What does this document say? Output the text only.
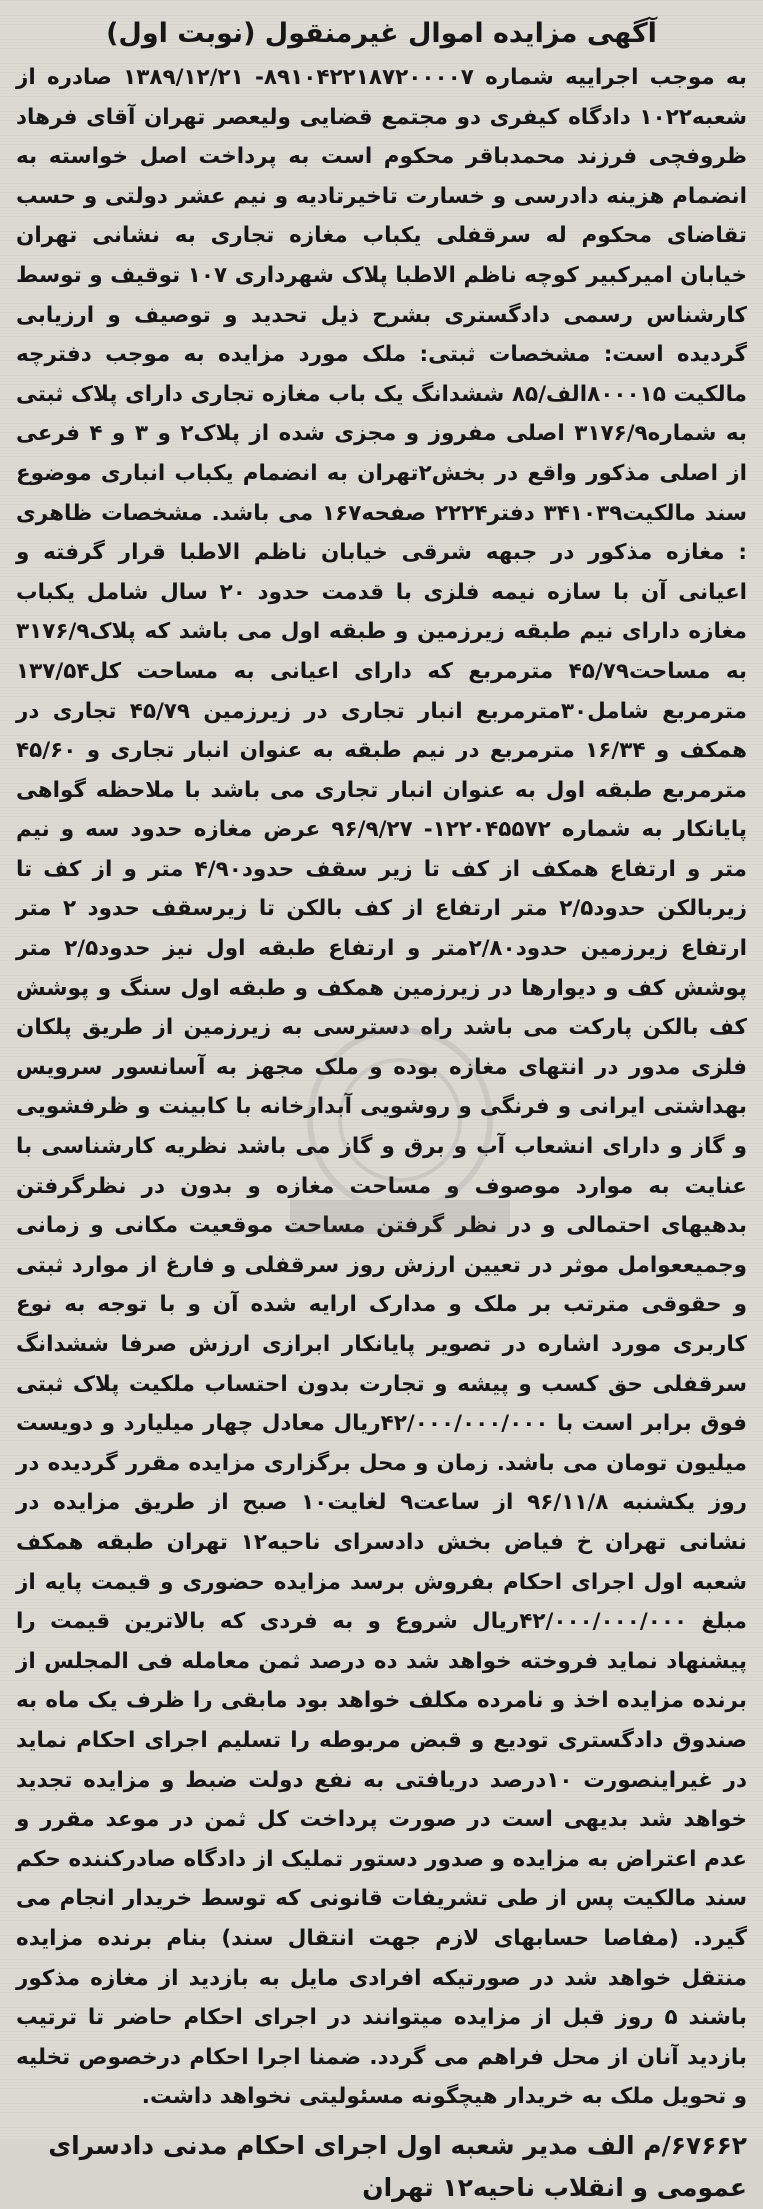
آگهی مزایده اموال غیرمنقول (نوبت اول)

به موجب اجراییه شماره ۸۹۱۰۴۲۲۱۸۷۲۰۰۰۰۷- ۱۳۸۹/۱۲/۲۱ صادره از شعبه۱۰۲۲ دادگاه کیفری دو مجتمع قضایی ولیعصر تهران آقای فرهاد ظروفچی فرزند محمدباقر محکوم است به پرداخت اصل خواسته به انضمام هزینه دادرسی و خسارت تاخیرتادیه و نیم عشر دولتی و حسب تقاضای محکوم له سرقفلی یکباب مغازه تجاری به نشانی تهران خیابان امیرکبیر کوچه ناظم الاطبا پلاک شهرداری ۱۰۷ توقیف و توسط کارشناس رسمی دادگستری بشرح ذیل تحدید و توصیف و ارزیابی گردیده است: مشخصات ثبتی: ملک مورد مزایده به موجب دفترچه مالکیت ۸۰۰۰۱۵الف/۸۵ ششدانگ یک باب مغازه تجاری دارای پلاک ثبتی به شماره۳۱۷۶/۹ اصلی مفروز و مجزی شده از پلاک۲ و ۳ و ۴ فرعی از اصلی مذکور واقع در بخش۲تهران به انضمام یکباب انباری موضوع سند مالکیت۳۴۱۰۳۹ دفتر۲۲۲۴ صفحه۱۶۷ می باشد. مشخصات ظاهری : مغازه مذکور در جبهه شرقی خیابان ناظم الاطبا قرار گرفته و اعیانی آن با سازه نیمه فلزی با قدمت حدود ۲۰ سال شامل یکباب مغازه دارای نیم طبقه زیرزمین و طبقه اول می باشد که پلاک۳۱۷۶/۹ به مساحت۴۵/۷۹ مترمربع که دارای اعیانی به مساحت کل۱۳۷/۵۴ مترمربع شامل۳۰مترمربع انبار تجاری در زیرزمین ۴۵/۷۹ تجاری در همکف و ۱۶/۳۴ مترمربع در نیم طبقه به عنوان انبار تجاری و ۴۵/۶۰ مترمربع طبقه اول به عنوان انبار تجاری می باشد با ملاحظه گواهی پایانکار به شماره ۱۲۲۰۴۵۵۷۲- ۹۶/۹/۲۷ عرض مغازه حدود سه و نیم متر و ارتفاع همکف از کف تا زیر سقف حدود۴/۹۰ متر و از کف تا زیربالکن حدود۲/۵ متر ارتفاع از کف بالکن تا زیرسقف حدود ۲ متر ارتفاع زیرزمین حدود۲/۸۰متر و ارتفاع طبقه اول نیز حدود۲/۵ متر پوشش کف و دیوارها در زیرزمین همکف و طبقه اول سنگ و پوشش کف بالکن پارکت می باشد راه دسترسی به زیرزمین از طریق پلکان فلزی مدور در انتهای مغازه بوده و ملک مجهز به آسانسور سرویس بهداشتی ایرانی و فرنگی و روشویی آبدارخانه با کابینت و ظرفشویی و گاز و دارای انشعاب آب و برق و گاز می باشد نظریه کارشناسی با عنایت به موارد موصوف و مساحت مغازه و بدون در نظرگرفتن بدهیهای احتمالی و در نظر گرفتن مساحت موقعیت مکانی و زمانی وجمیععوامل موثر در تعیین ارزش روز سرقفلی و فارغ از موارد ثبتی و حقوقی مترتب بر ملک و مدارک ارایه شده آن و با توجه به نوع کاربری مورد اشاره در تصویر پایانکار ابرازی ارزش صرفا ششدانگ سرقفلی حق کسب و پیشه و تجارت بدون احتساب ملکیت پلاک ثبتی فوق برابر است با ۴۲/۰۰۰/۰۰۰/۰۰۰ریال معادل چهار میلیارد و دویست میلیون تومان می باشد. زمان و محل برگزاری مزایده مقرر گردیده در روز یکشنبه ۹۶/۱۱/۸ از ساعت۹ لغایت۱۰ صبح از طریق مزایده در نشانی تهران خ فیاض بخش دادسرای ناحیه۱۲ تهران طبقه همکف شعبه اول اجرای احکام بفروش برسد مزایده حضوری و قیمت پایه از مبلغ ۴۲/۰۰۰/۰۰۰/۰۰۰ریال شروع و به فردی که بالاترین قیمت را پیشنهاد نماید فروخته خواهد شد ده درصد ثمن معامله فی المجلس از برنده مزایده اخذ و نامرده مکلف خواهد بود مابقی را ظرف یک ماه به صندوق دادگستری تودیع و قبض مربوطه را تسلیم اجرای احکام نماید در غیراینصورت ۱۰درصد دریافتی به نفع دولت ضبط و مزایده تجدید خواهد شد بدیهی است در صورت پرداخت کل ثمن در موعد مقرر و عدم اعتراض به مزایده و صدور دستور تملیک از دادگاه صادرکننده حکم سند مالکیت پس از طی تشریفات قانونی که توسط خریدار انجام می گیرد. (مفاصا حسابهای لازم جهت انتقال سند) بنام برنده مزایده منتقل خواهد شد در صورتیکه افرادی مایل به بازدید از مغازه مذکور باشند ۵ روز قبل از مزایده میتوانند در اجرای احکام حاضر تا ترتیب بازدید آنان از محل فراهم می گردد. ضمنا اجرا احکام درخصوص تخلیه و تحویل ملک به خریدار هیچگونه مسئولیتی نخواهد داشت.

۶۷۶۶۲/م الف مدیر شعبه اول اجرای احکام مدنی دادسرای عمومی و انقلاب ناحیه۱۲ تهران
